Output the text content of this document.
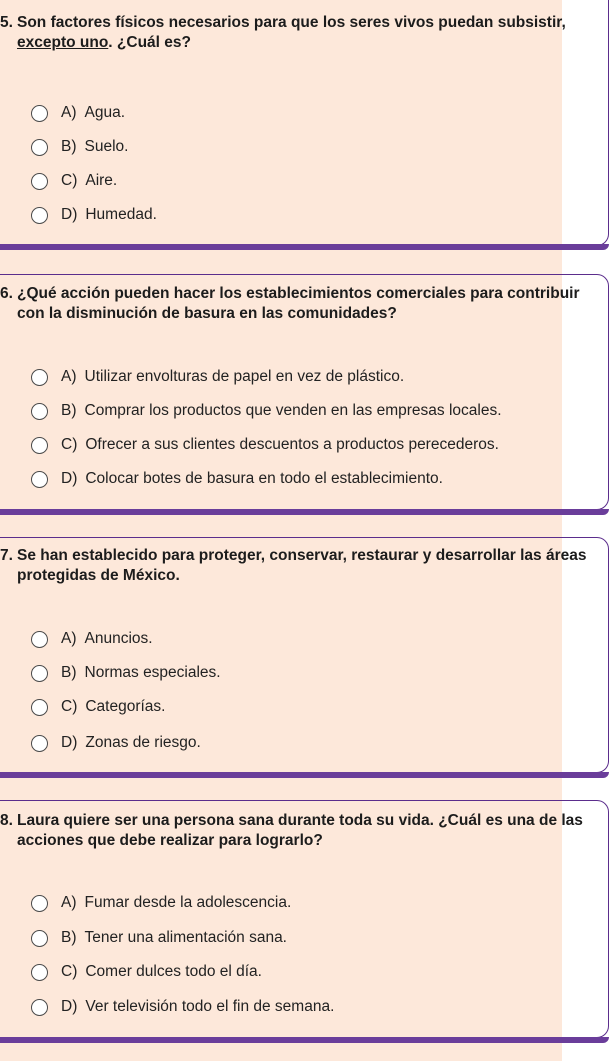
5. Son factores físicos necesarios para que los seres vivos puedan subsistir,
excepto uno. ¿Cuál es?
A) Agua.
B) Suelo.
C) Aire.
D) Humedad.
6. ¿Qué acción pueden hacer los establecimientos comerciales para contribuir
con la disminución de basura en las comunidades?
A) Utilizar envolturas de papel en vez de plástico.
B) Comprar los productos que venden en las empresas locales.
C) Ofrecer a sus clientes descuentos a productos perecederos.
D) Colocar botes de basura en todo el establecimiento.
7. Se han establecido para proteger, conservar, restaurar y desarrollar las áreas
protegidas de México.
A) Anuncios.
B) Normas especiales.
C) Categorías.
D) Zonas de riesgo.
8. Laura quiere ser una persona sana durante toda su vida. ¿Cuál es una de las
acciones que debe realizar para lograrlo?
A) Fumar desde la adolescencia.
B) Tener una alimentación sana.
C) Comer dulces todo el día.
D) Ver televisión todo el fin de semana.
